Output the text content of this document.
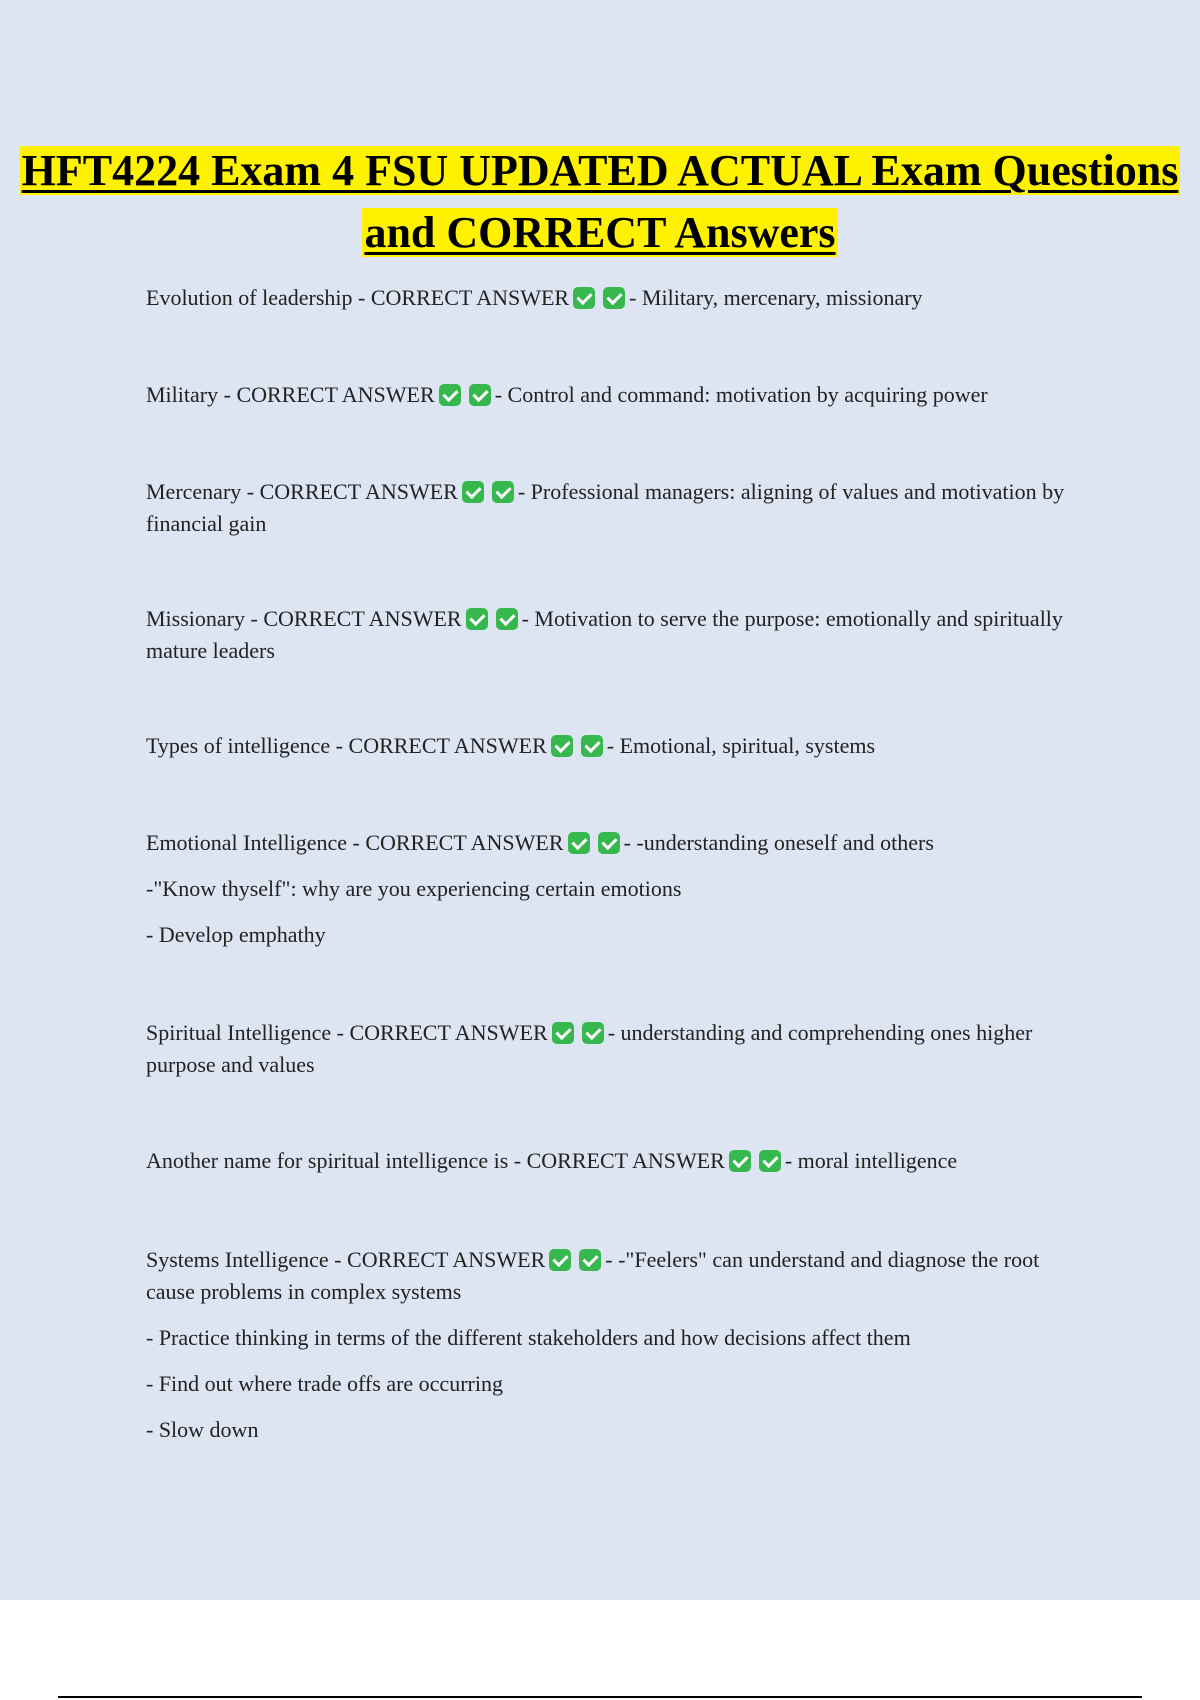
HFT4224 Exam 4 FSU UPDATED ACTUAL Exam Questions and CORRECT Answers

Evolution of leadership - CORRECT ANSWER	- Military, mercenary, missionary

Military - CORRECT ANSWER	- Control and command: motivation by acquiring power

Mercenary - CORRECT ANSWER	- Professional managers: aligning of values and motivation by financial gain

Missionary - CORRECT ANSWER	- Motivation to serve the purpose: emotionally and spiritually mature leaders

Types of intelligence - CORRECT ANSWER	- Emotional, spiritual, systems

Emotional Intelligence - CORRECT ANSWER	- -understanding oneself and others

-"Know thyself": why are you experiencing certain emotions

- Develop emphathy

Spiritual Intelligence - CORRECT ANSWER	- understanding and comprehending ones higher purpose and values

Another name for spiritual intelligence is - CORRECT ANSWER	- moral intelligence

Systems Intelligence - CORRECT ANSWER	- -"Feelers" can understand and diagnose the root cause problems in complex systems

- Practice thinking in terms of the different stakeholders and how decisions affect them

- Find out where trade offs are occurring

- Slow down
